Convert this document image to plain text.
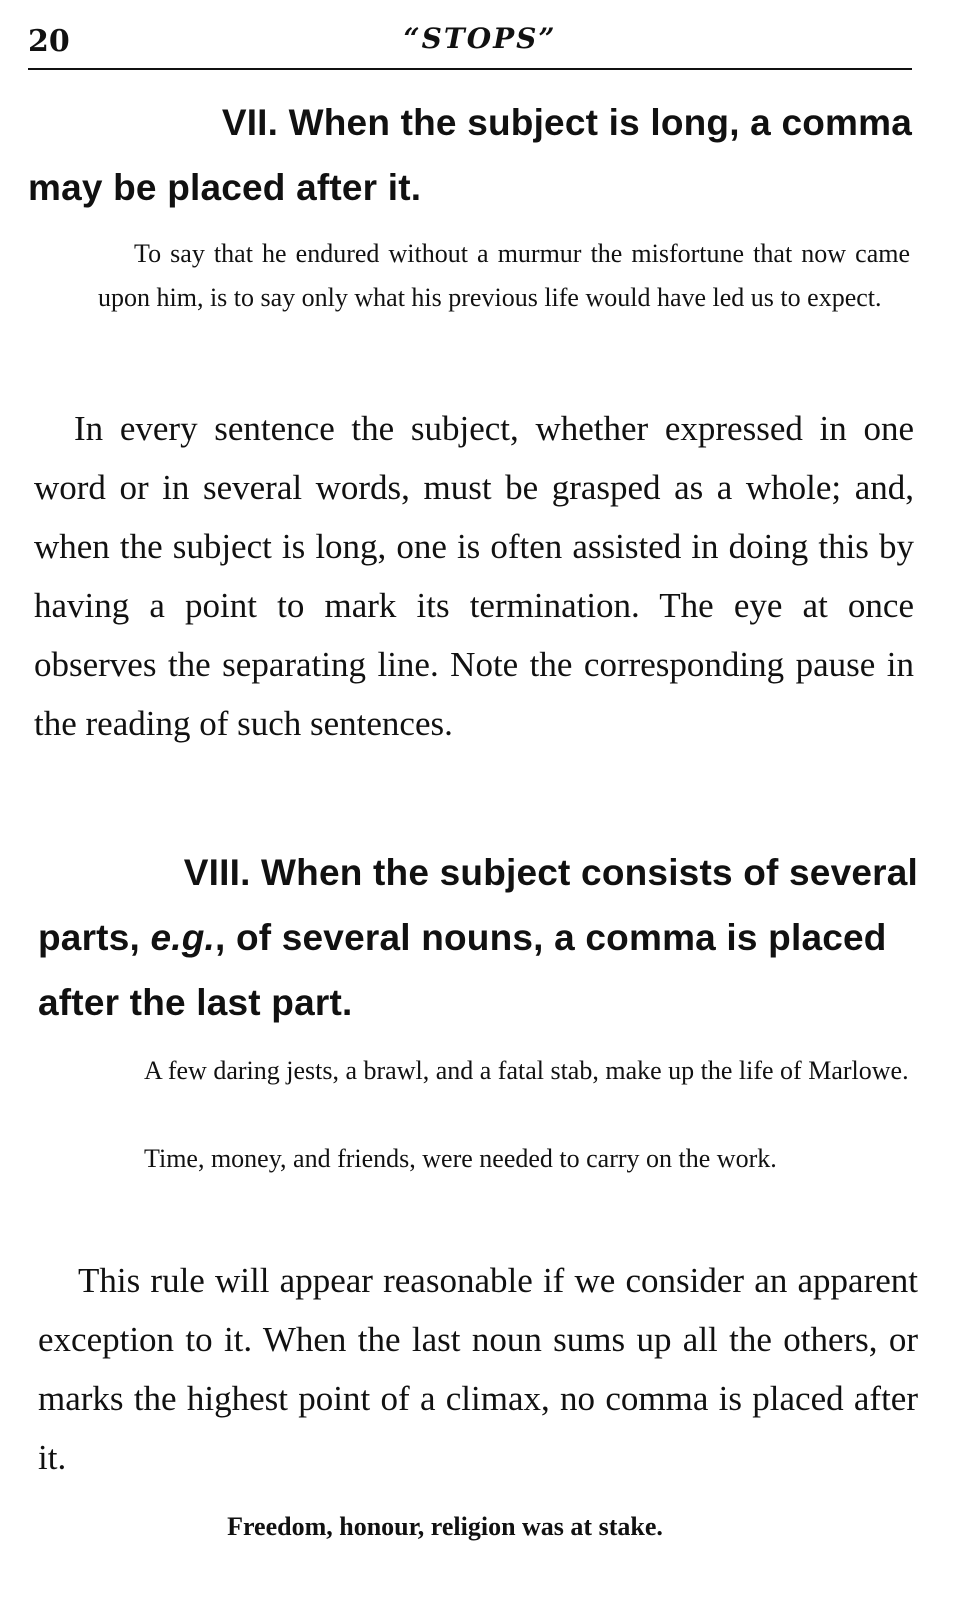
20	“STOPS”
VII. When the subject is long, a comma
may be placed after it.

To say that he endured without a murmur the misfortune that now came upon him, is to say only what his previous life would have led us to expect.

In every sentence the subject, whether expressed in one word or in several words, must be grasped as a whole; and, when the subject is long, one is often assisted in doing this by having a point to mark its termination. The eye at once observes the separating line. Note the corresponding pause in the reading of such sentences.

VIII. When the subject consists of several
parts, e.g., of several nouns, a comma is placed
after the last part.

A few daring jests, a brawl, and a fatal stab, make up the life of Marlowe.

Time, money, and friends, were needed to carry on the work.

This rule will appear reasonable if we consider an apparent exception to it. When the last noun sums up all the others, or marks the highest point of a climax, no comma is placed after it.

Freedom, honour, religion was at stake.
